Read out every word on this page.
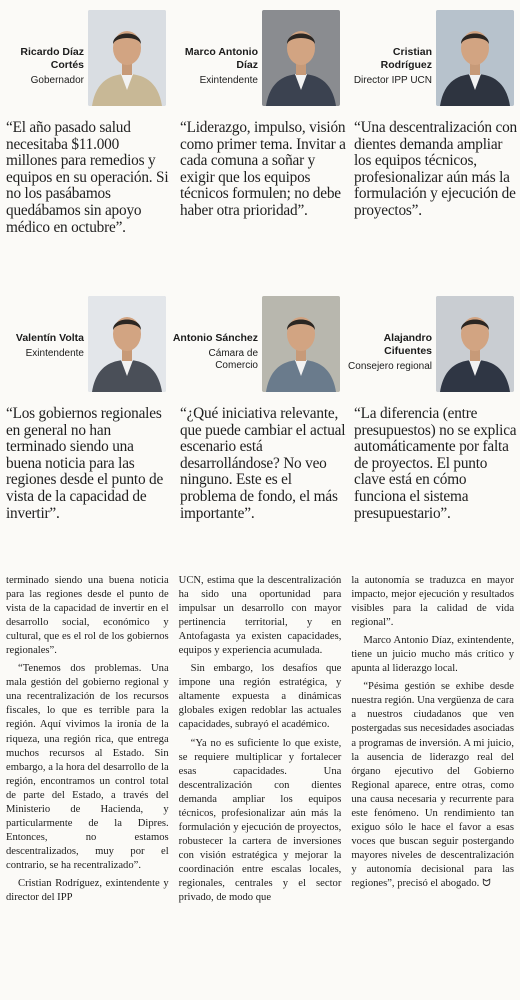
Ricardo Díaz Cortés
Gobernador
“El año pasado salud necesitaba $11.000 millones para remedios y equipos en su operación. Si no los pasábamos quedábamos sin apoyo médico en octubre”.
Marco Antonio Díaz
Exintendente
“Liderazgo, impulso, visión como primer tema. Invitar a cada comuna a soñar y exigir que los equipos técnicos formulen; no debe haber otra prioridad”.
Cristian Rodríguez
Director IPP UCN
“Una descentralización con dientes demanda ampliar los equipos técnicos, profesionalizar aún más la formulación y ejecución de proyectos”.
Valentín Volta
Exintendente
“Los gobiernos regionales en general no han terminado siendo una buena noticia para las regiones desde el punto de vista de la capacidad de invertir”.
Antonio Sánchez
Cámara de Comercio
“¿Qué iniciativa relevante, que puede cambiar el actual escenario está desarrollándose? No veo ninguno. Este es el problema de fondo, el más importante”.
Alajandro Cifuentes
Consejero regional
“La diferencia (entre presupuestos) no se explica automáticamente por falta de proyectos. El punto clave está en cómo funciona el sistema presupuestario”.

terminado siendo una buena noticia para las regiones desde el punto de vista de la capacidad de invertir en el desarrollo social, económico y cultural, que es el rol de los gobiernos regionales”.

“Tenemos dos problemas. Una mala gestión del gobierno regional y una recentralización de los recursos fiscales, lo que es terrible para la región. Aquí vivimos la ironía de la riqueza, una región rica, que entrega muchos recursos al Estado. Sin embargo, a la hora del desarrollo de la región, encontramos un control total de parte del Estado, a través del Ministerio de Hacienda, y particularmente de la Dipres. Entonces, no estamos descentralizados, muy por el contrario, se ha recentralizado”.

Cristian Rodríguez, exintendente y director del IPP

UCN, estima que la descentralización ha sido una oportunidad para impulsar un desarrollo con mayor pertinencia territorial, y en Antofagasta ya existen capacidades, equipos y experiencia acumulada.

Sin embargo, los desafíos que impone una región estratégica, y altamente expuesta a dinámicas globales exigen redoblar las actuales capacidades, subrayó el académico.

“Ya no es suficiente lo que existe, se requiere multiplicar y fortalecer esas capacidades. Una descentralización con dientes demanda ampliar los equipos técnicos, profesionalizar aún más la formulación y ejecución de proyectos, robustecer la cartera de inversiones con visión estratégica y mejorar la coordinación entre escalas locales, regionales, centrales y el sector privado, de modo que

la autonomía se traduzca en mayor impacto, mejor ejecución y resultados visibles para la calidad de vida regional”.

Marco Antonio Díaz, exintendente, tiene un juicio mucho más crítico y apunta al liderazgo local.

“Pésima gestión se exhibe desde nuestra región. Una vergüenza de cara a nuestros ciudadanos que ven postergadas sus necesidades asociadas a programas de inversión. A mi juicio, la ausencia de liderazgo real del órgano ejecutivo del Gobierno Regional aparece, entre otras, como una causa necesaria y recurrente para este fenómeno. Un rendimiento tan exiguo sólo le hace el favor a esas voces que buscan seguir postergando mayores niveles de descentralización y autonomía decisional para las regiones”, precisó el abogado. ᗢ
